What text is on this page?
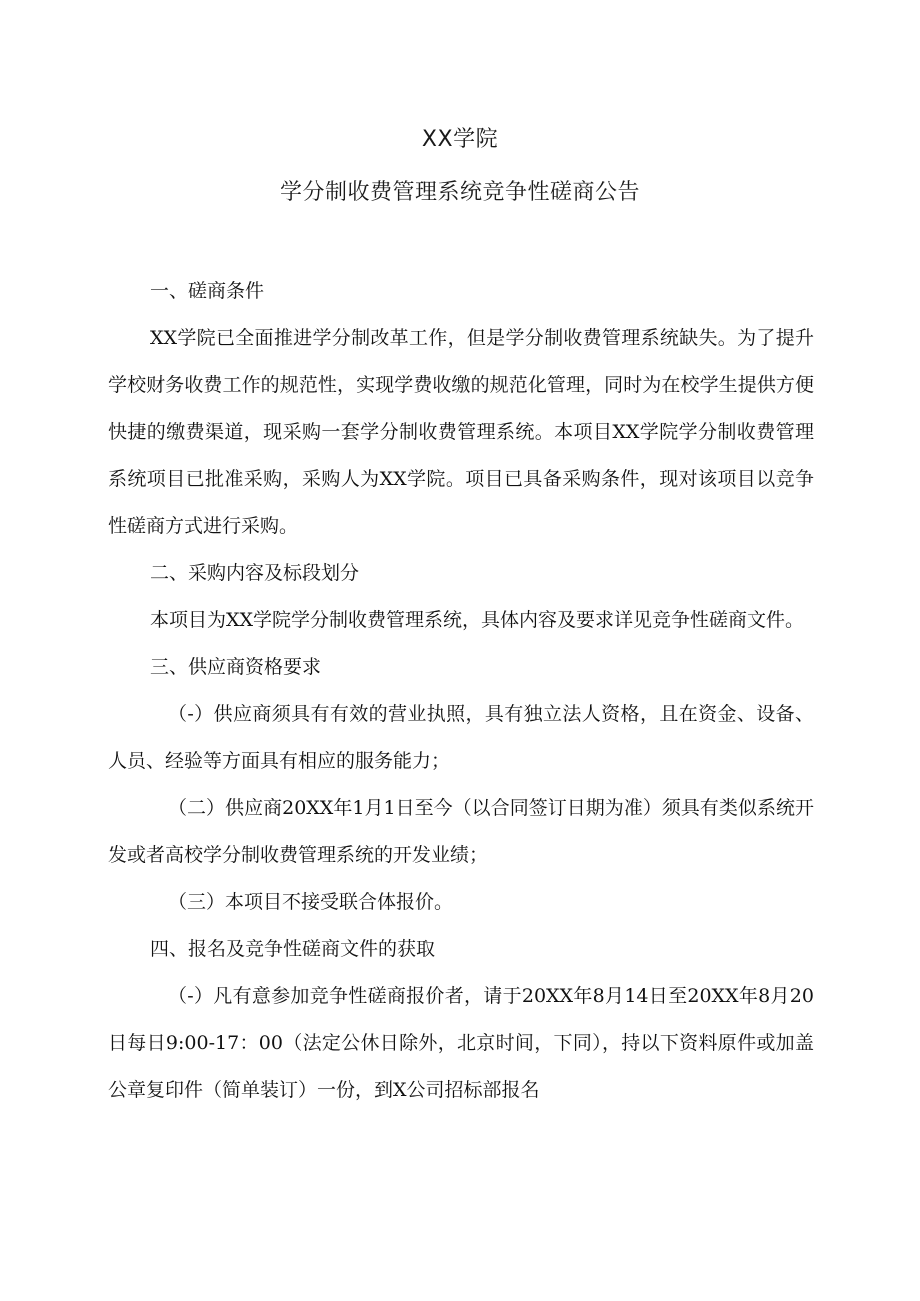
XX学院
学分制收费管理系统竞争性磋商公告

一、磋商条件

XX学院已全面推进学分制改革工作，但是学分制收费管理系统缺失。为了提升学校财务收费工作的规范性，实现学费收缴的规范化管理，同时为在校学生提供方便快捷的缴费渠道，现采购一套学分制收费管理系统。本项目XX学院学分制收费管理系统项目已批准采购，采购人为XX学院。项目已具备采购条件，现对该项目以竞争性磋商方式进行采购。

二、采购内容及标段划分

本项目为XX学院学分制收费管理系统，具体内容及要求详见竞争性磋商文件。

三、供应商资格要求

（-）供应商须具有有效的营业执照，具有独立法人资格，且在资金、设备、人员、经验等方面具有相应的服务能力；

（二）供应商20XX年1月1日至今（以合同签订日期为准）须具有类似系统开发或者高校学分制收费管理系统的开发业绩；

（三）本项目不接受联合体报价。

四、报名及竞争性磋商文件的获取

（-）凡有意参加竞争性磋商报价者，请于20XX年8月14日至20XX年8月20日每日9:00-17：00（法定公休日除外，北京时间，下同），持以下资料原件或加盖公章复印件（简单装订）一份，到X公司招标部报名
